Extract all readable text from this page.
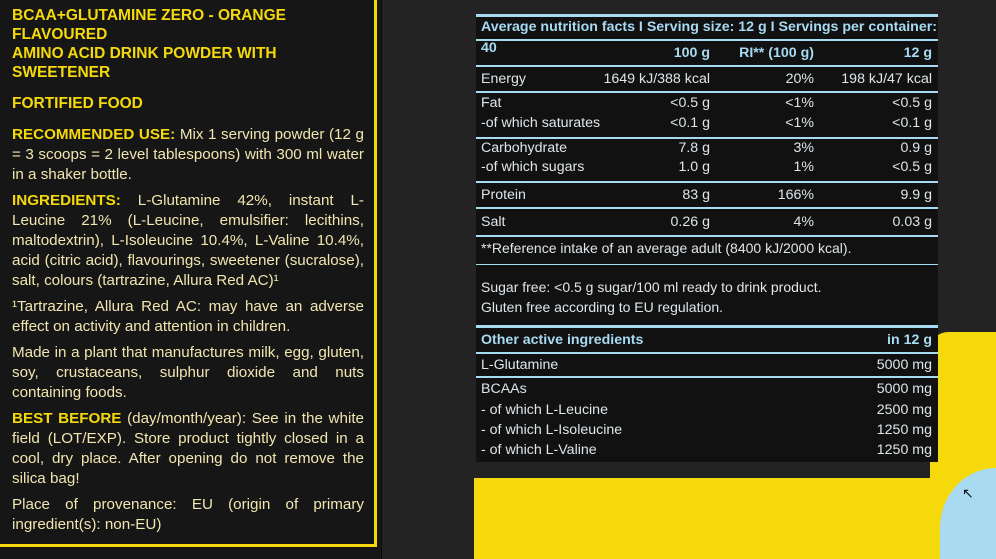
BCAA+GLUTAMINE ZERO - ORANGE FLAVOURED
AMINO ACID DRINK POWDER WITH SWEETENER
FORTIFIED FOOD

RECOMMENDED USE: Mix 1 serving powder (12 g = 3 scoops = 2 level tablespoons) with 300 ml water in a shaker bottle.

INGREDIENTS: L-Glutamine 42%, instant L-Leucine 21% (L-Leucine, emulsifier: lecithins, maltodextrin), L-Isoleucine 10.4%, L-Valine 10.4%, acid (citric acid), flavourings, sweetener (sucralose), salt, colours (tartrazine, Allura Red AC)¹

¹Tartrazine, Allura Red AC: may have an adverse effect on activity and attention in children.

Made in a plant that manufactures milk, egg, gluten, soy, crustaceans, sulphur dioxide and nuts containing foods.

BEST BEFORE (day/month/year): See in the white field (LOT/EXP). Store product tightly closed in a cool, dry place. After opening do not remove the silica bag!

Place of provenance: EU (origin of primary ingredient(s): non-EU)

↖
Average nutrition facts I Serving size: 12 g I Servings per container: 40	100 g RI** (100 g)	12 g
Energy	1649 kJ/388 kcal	20% 198 kJ/47 kcal
Fat	<0.5 g	<1%	<0.5 g
-of which saturates	<0.1 g	<1%	<0.1 g
Carbohydrate	7.8 g	3%	0.9 g
-of which sugars	1.0 g	1%	<0.5 g
Protein	83 g	166%	9.9 g
Salt	0.26 g	4%	0.03 g
**Reference intake of an average adult (8400 kJ/2000 kcal).
Sugar free: <0.5 g sugar/100 ml ready to drink product.
Gluten free according to EU regulation.
Other active ingredients	in 12 g
L-Glutamine	5000 mg
BCAAs	5000 mg
- of which L-Leucine	2500 mg
- of which L-Isoleucine	1250 mg
- of which L-Valine	1250 mg
